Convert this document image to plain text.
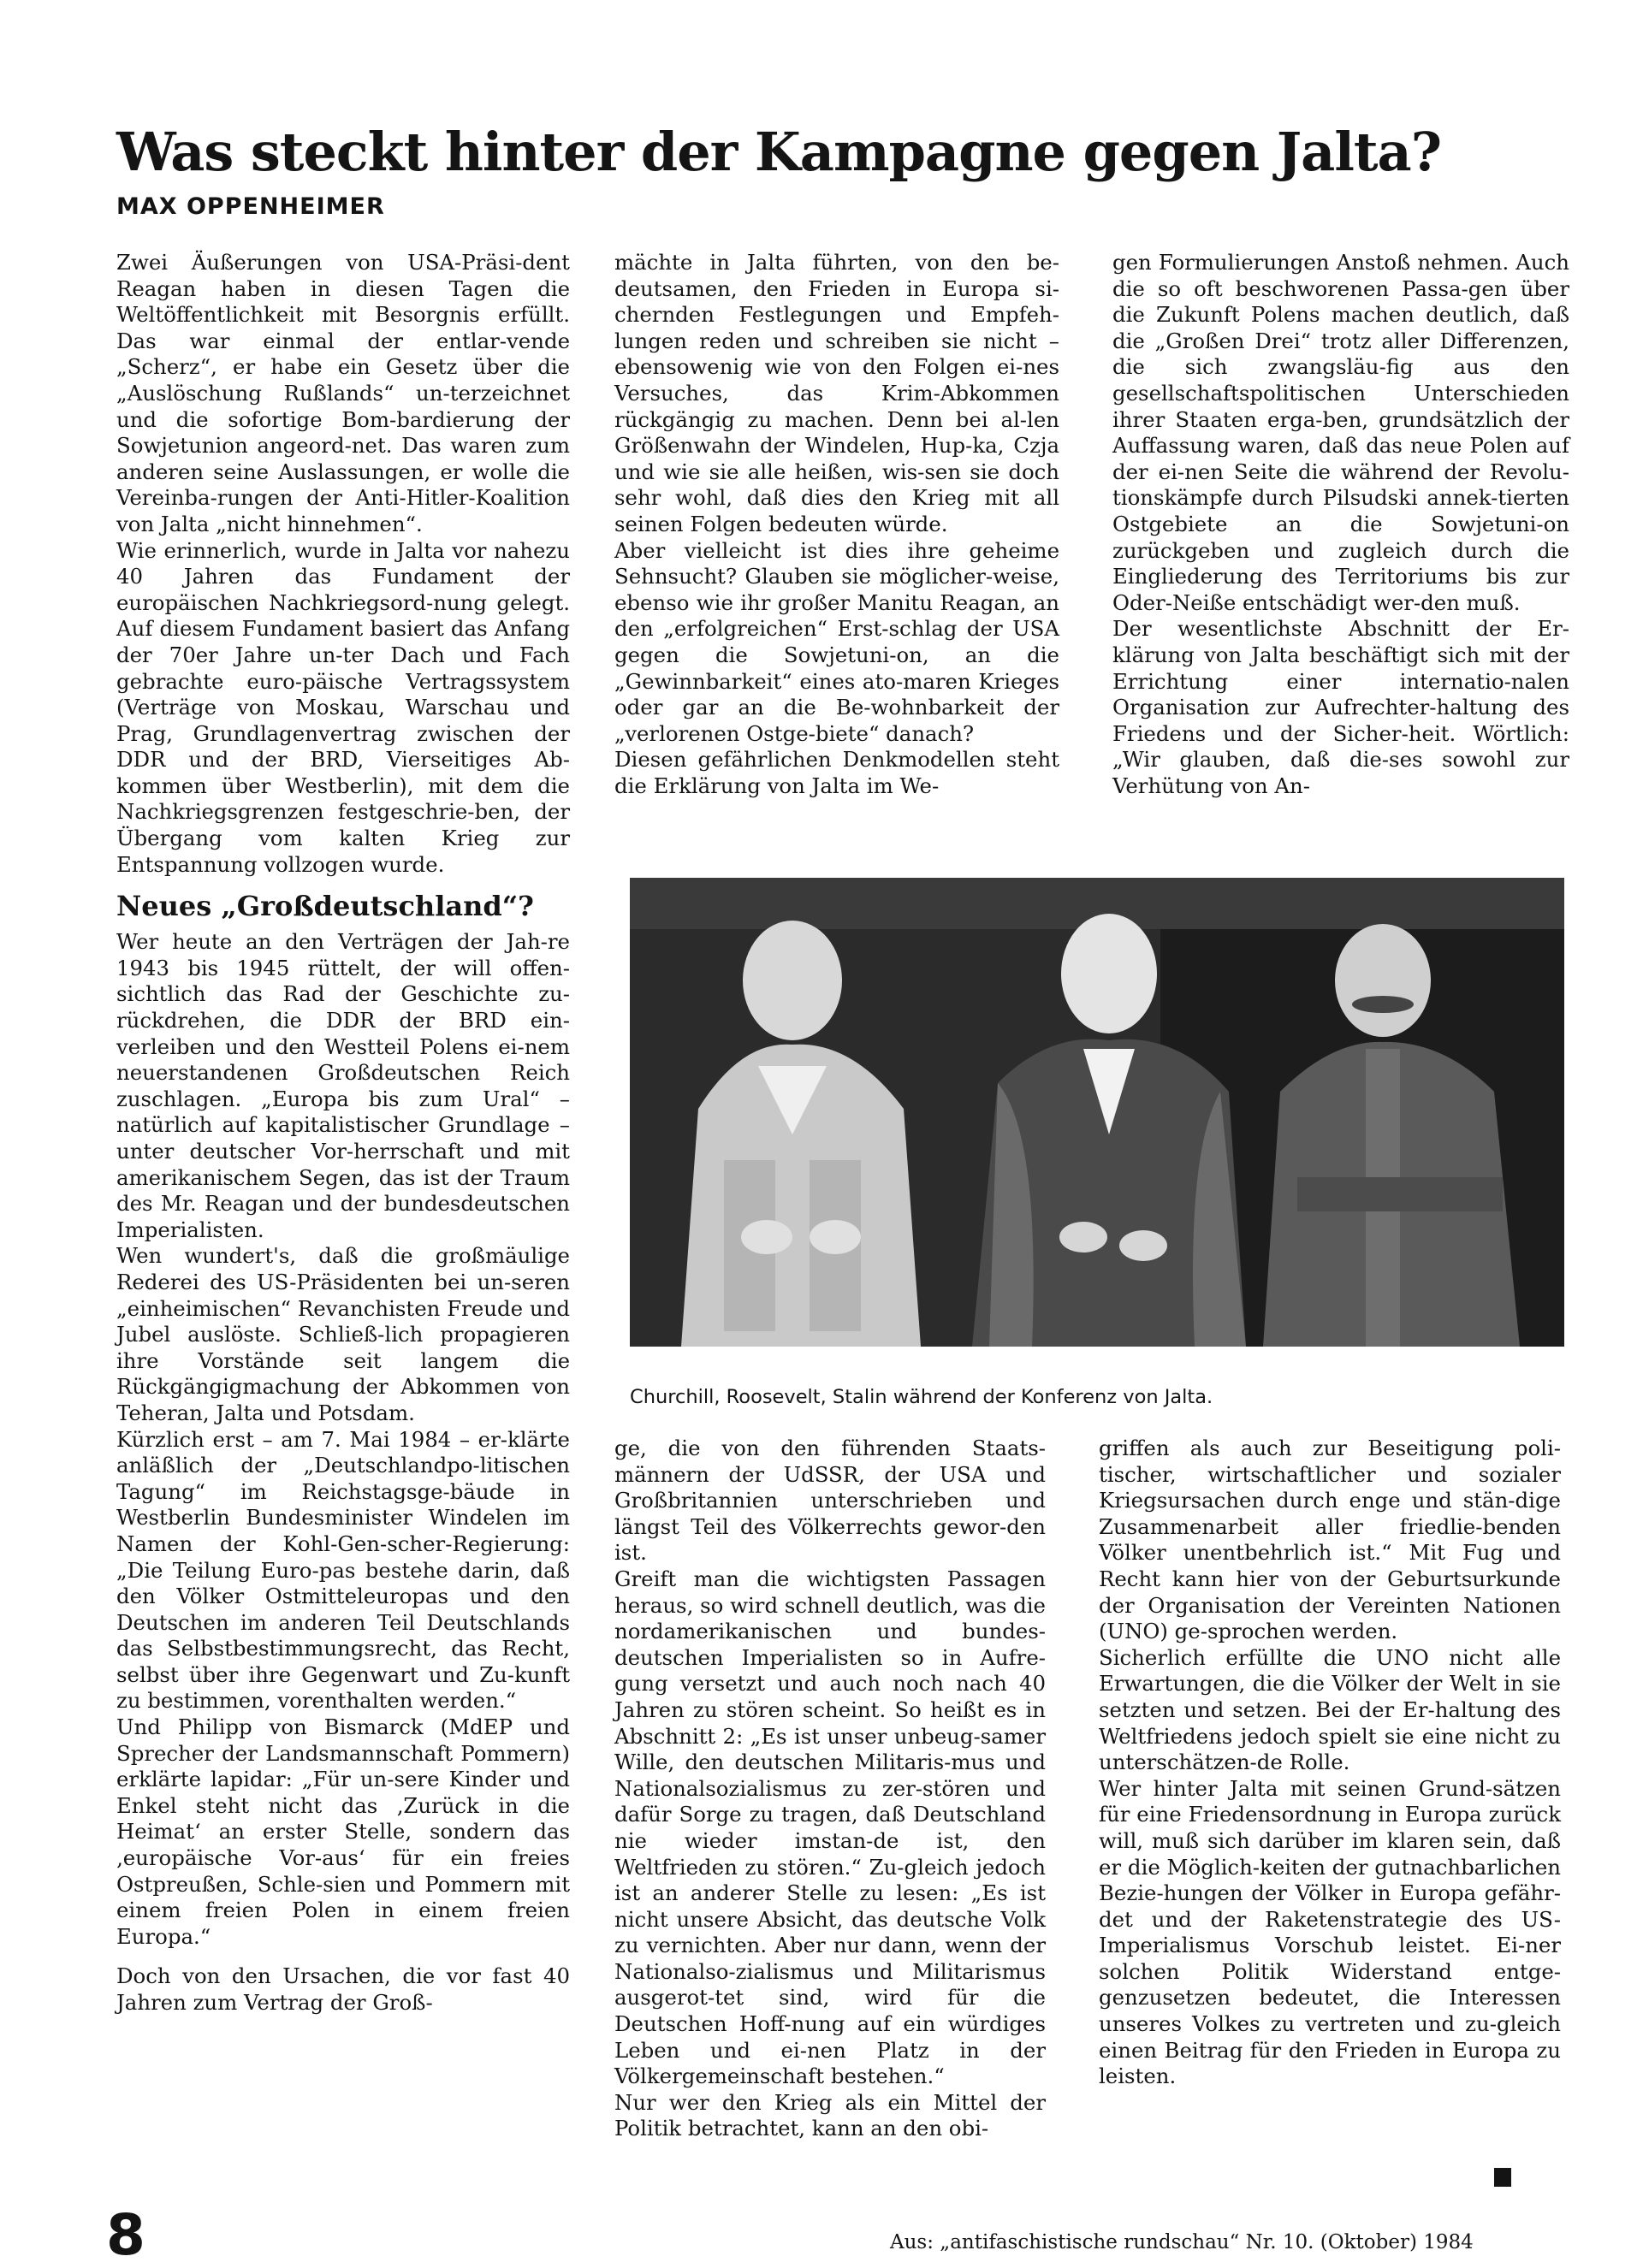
Was steckt hinter der Kampagne gegen Jalta?
MAX OPPENHEIMER

Zwei Äußerungen von USA-Präsi-dent Reagan haben in diesen Tagen die Weltöffentlichkeit mit Besorgnis erfüllt. Das war einmal der entlar-vende „Scherz“, er habe ein Gesetz über die „Auslöschung Rußlands“ un-terzeichnet und die sofortige Bom-bardierung der Sowjetunion angeord-net. Das waren zum anderen seine Auslassungen, er wolle die Vereinba-rungen der Anti-Hitler-Koalition von Jalta „nicht hinnehmen“.

Wie erinnerlich, wurde in Jalta vor nahezu 40 Jahren das Fundament der europäischen Nachkriegsord-nung gelegt. Auf diesem Fundament basiert das Anfang der 70er Jahre un-ter Dach und Fach gebrachte euro-päische Vertragssystem (Verträge von Moskau, Warschau und Prag, Grundlagenvertrag zwischen der DDR und der BRD, Vierseitiges Ab-kommen über Westberlin), mit dem die Nachkriegsgrenzen festgeschrie-ben, der Übergang vom kalten Krieg zur Entspannung vollzogen wurde.

Neues „Großdeutschland“?

Wer heute an den Verträgen der Jah-re 1943 bis 1945 rüttelt, der will offen-sichtlich das Rad der Geschichte zu-rückdrehen, die DDR der BRD ein-verleiben und den Westteil Polens ei-nem neuerstandenen Großdeutschen Reich zuschlagen. „Europa bis zum Ural“ – natürlich auf kapitalistischer Grundlage – unter deutscher Vor-herrschaft und mit amerikanischem Segen, das ist der Traum des Mr. Reagan und der bundesdeutschen Imperialisten.

Wen wundert's, daß die großmäulige Rederei des US-Präsidenten bei un-seren „einheimischen“ Revanchisten Freude und Jubel auslöste. Schließ-lich propagieren ihre Vorstände seit langem die Rückgängigmachung der Abkommen von Teheran, Jalta und Potsdam.

Kürzlich erst – am 7. Mai 1984 – er-klärte anläßlich der „Deutschlandpo-litischen Tagung“ im Reichstagsge-bäude in Westberlin Bundesminister Windelen im Namen der Kohl-Gen-scher-Regierung: „Die Teilung Euro-pas bestehe darin, daß den Völker Ostmitteleuropas und den Deutschen im anderen Teil Deutschlands das Selbstbestimmungsrecht, das Recht, selbst über ihre Gegenwart und Zu-kunft zu bestimmen, vorenthalten werden.“

Und Philipp von Bismarck (MdEP und Sprecher der Landsmannschaft Pommern) erklärte lapidar: „Für un-sere Kinder und Enkel steht nicht das ‚Zurück in die Heimat‘ an erster Stelle, sondern das ‚europäische Vor-aus‘ für ein freies Ostpreußen, Schle-sien und Pommern mit einem freien Polen in einem freien Europa.“

Doch von den Ursachen, die vor fast 40 Jahren zum Vertrag der Groß-

mächte in Jalta führten, von den be-deutsamen, den Frieden in Europa si-chernden Festlegungen und Empfeh-lungen reden und schreiben sie nicht – ebensowenig wie von den Folgen ei-nes Versuches, das Krim-Abkommen rückgängig zu machen. Denn bei al-len Größenwahn der Windelen, Hup-ka, Czja und wie sie alle heißen, wis-sen sie doch sehr wohl, daß dies den Krieg mit all seinen Folgen bedeuten würde.

Aber vielleicht ist dies ihre geheime Sehnsucht? Glauben sie möglicher-weise, ebenso wie ihr großer Manitu Reagan, an den „erfolgreichen“ Erst-schlag der USA gegen die Sowjetuni-on, an die „Gewinnbarkeit“ eines ato-maren Krieges oder gar an die Be-wohnbarkeit der „verlorenen Ostge-biete“ danach?

Diesen gefährlichen Denkmodellen steht die Erklärung von Jalta im We-

gen Formulierungen Anstoß nehmen. Auch die so oft beschworenen Passa-gen über die Zukunft Polens machen deutlich, daß die „Großen Drei“ trotz aller Differenzen, die sich zwangsläu-fig aus den gesellschaftspolitischen Unterschieden ihrer Staaten erga-ben, grundsätzlich der Auffassung waren, daß das neue Polen auf der ei-nen Seite die während der Revolu-tionskämpfe durch Pilsudski annek-tierten Ostgebiete an die Sowjetuni-on zurückgeben und zugleich durch die Eingliederung des Territoriums bis zur Oder-Neiße entschädigt wer-den muß.

Der wesentlichste Abschnitt der Er-klärung von Jalta beschäftigt sich mit der Errichtung einer internatio-nalen Organisation zur Aufrechter-haltung des Friedens und der Sicher-heit. Wörtlich: „Wir glauben, daß die-ses sowohl zur Verhütung von An-

Churchill, Roosevelt, Stalin während der Konferenz von Jalta.

ge, die von den führenden Staats-männern der UdSSR, der USA und Großbritannien unterschrieben und längst Teil des Völkerrechts gewor-den ist.

Greift man die wichtigsten Passagen heraus, so wird schnell deutlich, was die nordamerikanischen und bundes-deutschen Imperialisten so in Aufre-gung versetzt und auch noch nach 40 Jahren zu stören scheint. So heißt es in Abschnitt 2: „Es ist unser unbeug-samer Wille, den deutschen Militaris-mus und Nationalsozialismus zu zer-stören und dafür Sorge zu tragen, daß Deutschland nie wieder imstan-de ist, den Weltfrieden zu stören.“ Zu-gleich jedoch ist an anderer Stelle zu lesen: „Es ist nicht unsere Absicht, das deutsche Volk zu vernichten. Aber nur dann, wenn der Nationalso-zialismus und Militarismus ausgerot-tet sind, wird für die Deutschen Hoff-nung auf ein würdiges Leben und ei-nen Platz in der Völkergemeinschaft bestehen.“

Nur wer den Krieg als ein Mittel der Politik betrachtet, kann an den obi-

griffen als auch zur Beseitigung poli-tischer, wirtschaftlicher und sozialer Kriegsursachen durch enge und stän-dige Zusammenarbeit aller friedlie-benden Völker unentbehrlich ist.“ Mit Fug und Recht kann hier von der Geburtsurkunde der Organisation der Vereinten Nationen (UNO) ge-sprochen werden.

Sicherlich erfüllte die UNO nicht alle Erwartungen, die die Völker der Welt in sie setzten und setzen. Bei der Er-haltung des Weltfriedens jedoch spielt sie eine nicht zu unterschätzen-de Rolle.

Wer hinter Jalta mit seinen Grund-sätzen für eine Friedensordnung in Europa zurück will, muß sich darüber im klaren sein, daß er die Möglich-keiten der gutnachbarlichen Bezie-hungen der Völker in Europa gefähr-det und der Raketenstrategie des US-Imperialismus Vorschub leistet. Ei-ner solchen Politik Widerstand entge-genzusetzen bedeutet, die Interessen unseres Volkes zu vertreten und zu-gleich einen Beitrag für den Frieden in Europa zu leisten.

8	Aus: „antifaschistische rundschau“ Nr. 10. (Oktober) 1984
